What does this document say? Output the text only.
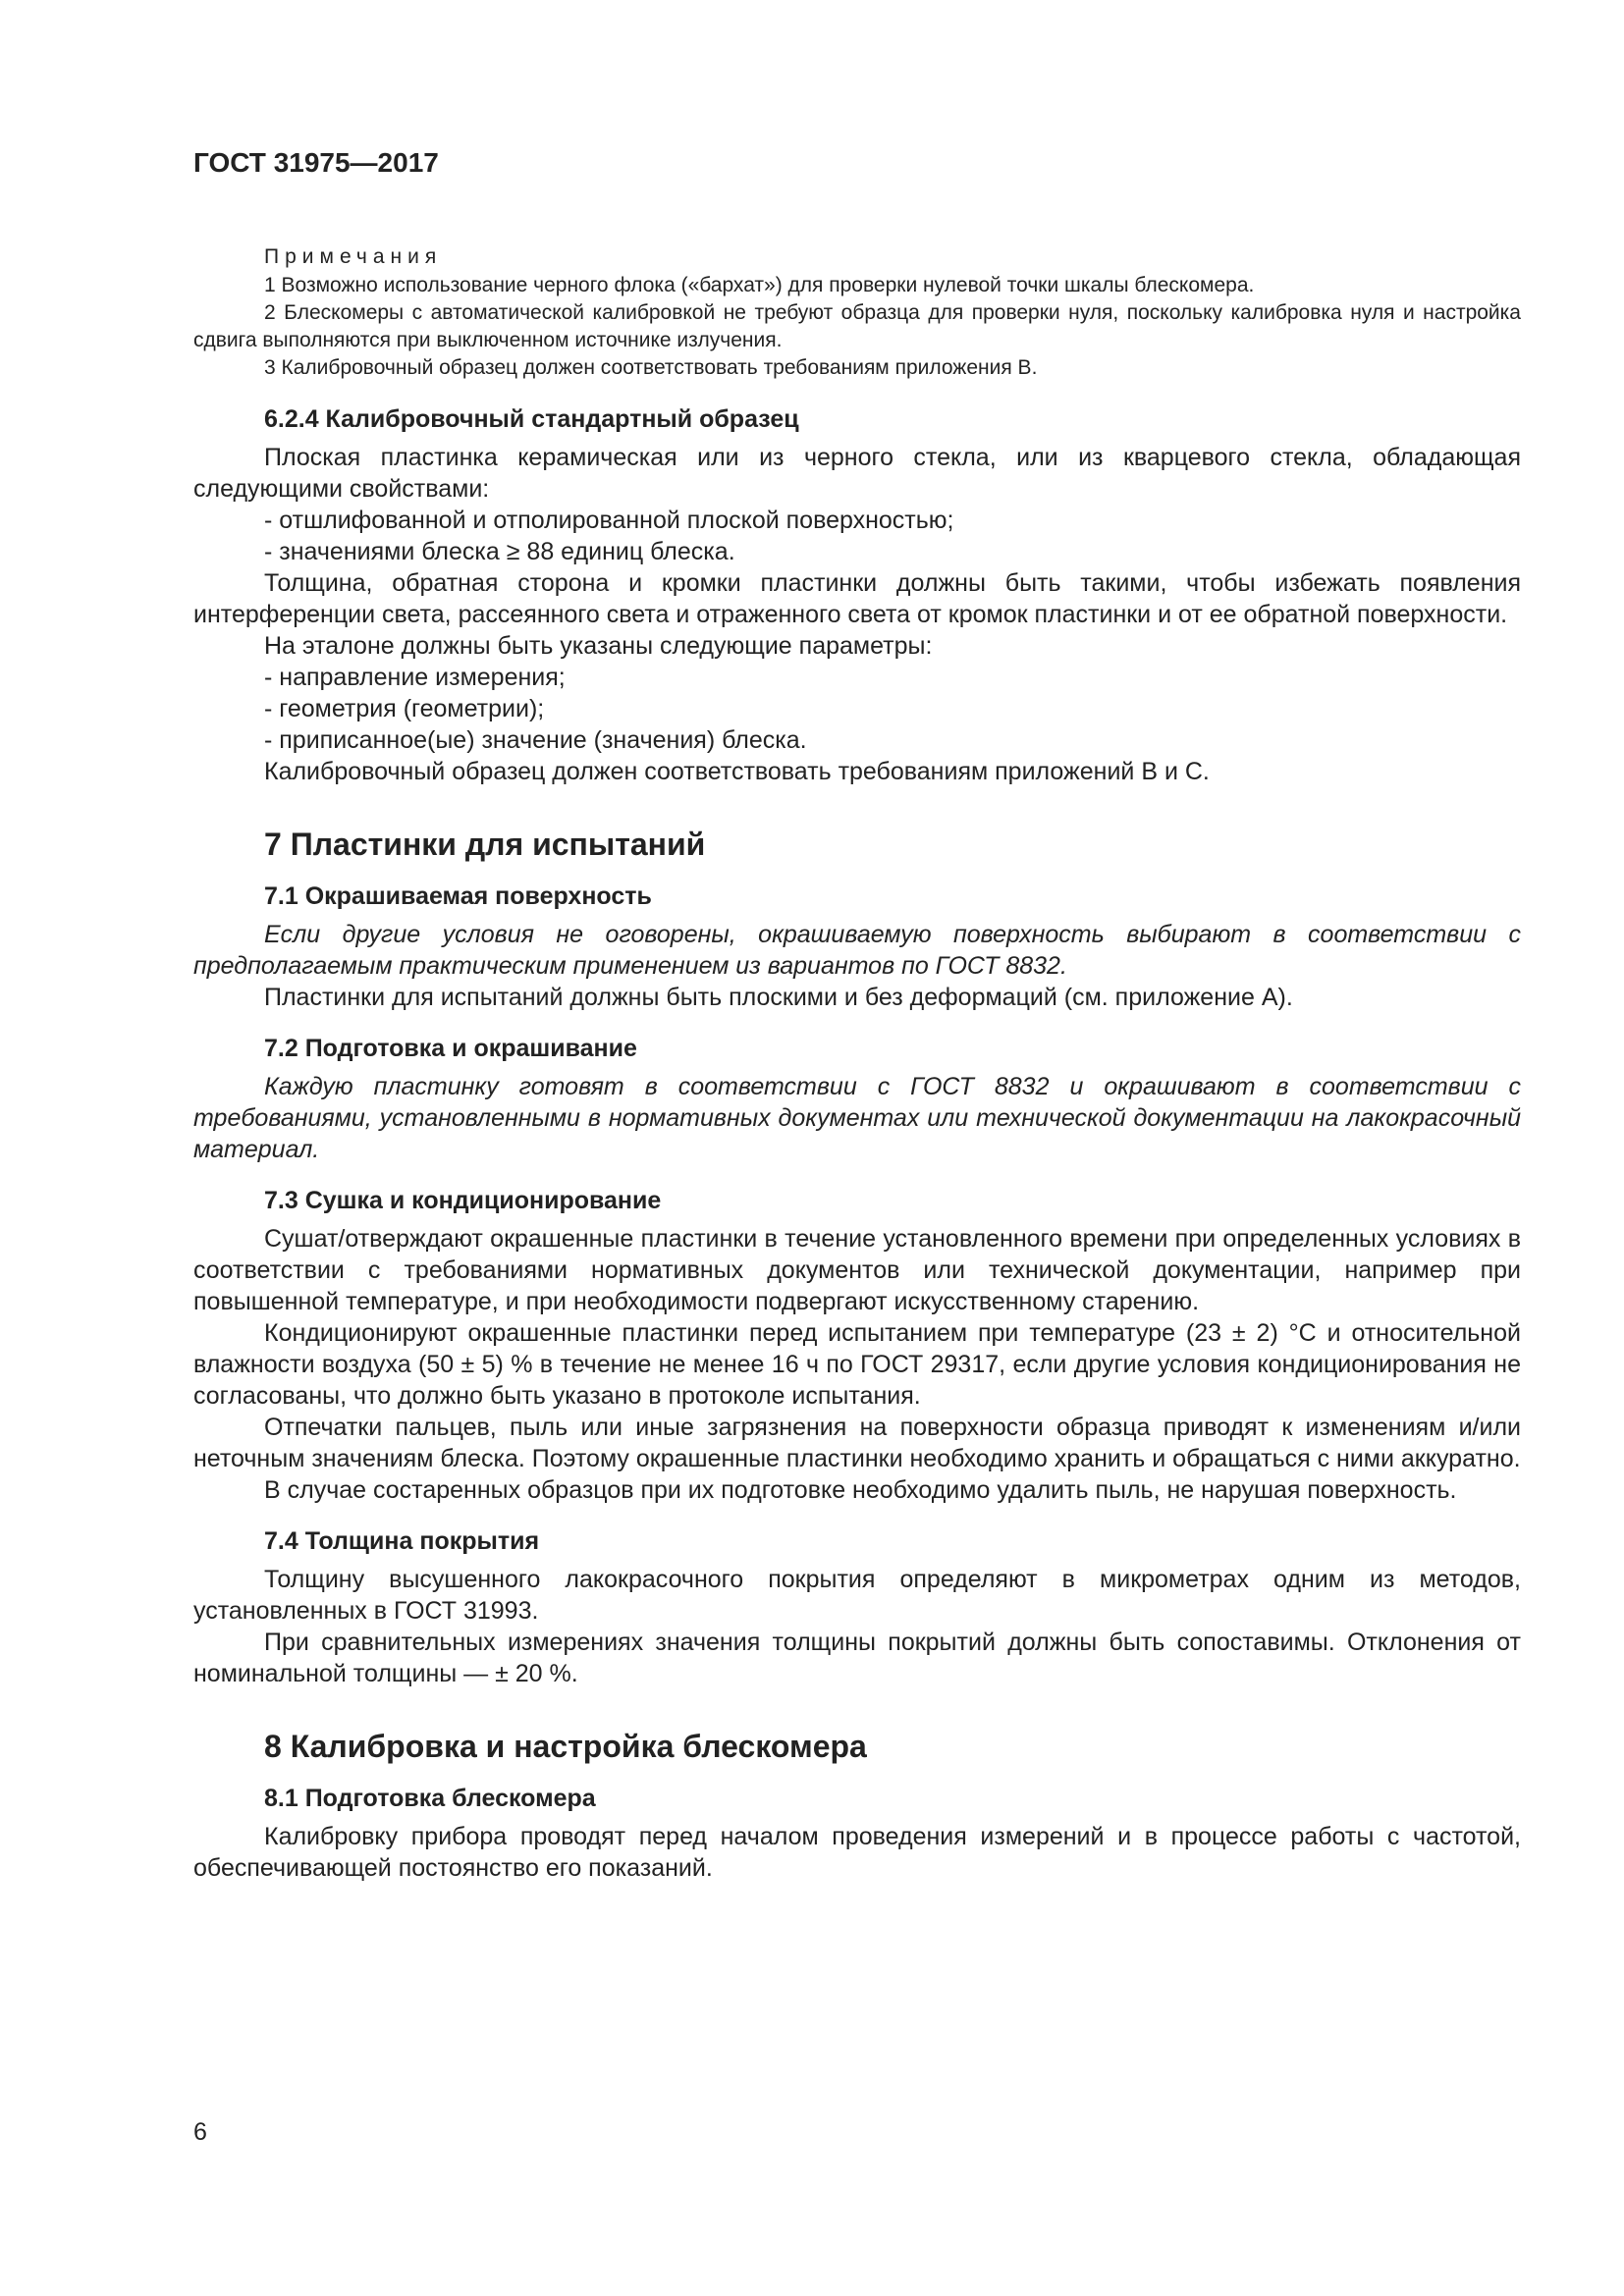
ГОСТ 31975—2017
Примечания

1 Возможно использование черного флока («бархат») для проверки нулевой точки шкалы блескомера.

2 Блескомеры с автоматической калибровкой не требуют образца для проверки нуля, поскольку калибровка нуля и настройка сдвига выполняются при выключенном источнике излучения.

3 Калибровочный образец должен соответствовать требованиям приложения В.

6.2.4 Калибровочный стандартный образец

Плоская пластинка керамическая или из черного стекла, или из кварцевого стекла, обладающая следующими свойствами:

- отшлифованной и отполированной плоской поверхностью;

- значениями блеска ≥ 88 единиц блеска.

Толщина, обратная сторона и кромки пластинки должны быть такими, чтобы избежать появления интерференции света, рассеянного света и отраженного света от кромок пластинки и от ее обратной поверхности.

На эталоне должны быть указаны следующие параметры:

- направление измерения;

- геометрия (геометрии);

- приписанное(ые) значение (значения) блеска.

Калибровочный образец должен соответствовать требованиям приложений В и С.

7 Пластинки для испытаний
7.1 Окрашиваемая поверхность

Если другие условия не оговорены, окрашиваемую поверхность выбирают в соответствии с предполагаемым практическим применением из вариантов по ГОСТ 8832.

Пластинки для испытаний должны быть плоскими и без деформаций (см. приложение А).

7.2 Подготовка и окрашивание

Каждую пластинку готовят в соответствии с ГОСТ 8832 и окрашивают в соответствии с требованиями, установленными в нормативных документах или технической документации на лакокрасочный материал.

7.3 Сушка и кондиционирование

Сушат/отверждают окрашенные пластинки в течение установленного времени при определенных условиях в соответствии с требованиями нормативных документов или технической документации, например при повышенной температуре, и при необходимости подвергают искусственному старению.

Кондиционируют окрашенные пластинки перед испытанием при температуре (23 ± 2) °С и относительной влажности воздуха (50 ± 5) % в течение не менее 16 ч по ГОСТ 29317, если другие условия кондиционирования не согласованы, что должно быть указано в протоколе испытания.

Отпечатки пальцев, пыль или иные загрязнения на поверхности образца приводят к изменениям и/или неточным значениям блеска. Поэтому окрашенные пластинки необходимо хранить и обращаться с ними аккуратно.

В случае состаренных образцов при их подготовке необходимо удалить пыль, не нарушая поверхность.

7.4 Толщина покрытия

Толщину высушенного лакокрасочного покрытия определяют в микрометрах одним из методов, установленных в ГОСТ 31993.

При сравнительных измерениях значения толщины покрытий должны быть сопоставимы. Отклонения от номинальной толщины — ± 20 %.

8 Калибровка и настройка блескомера
8.1 Подготовка блескомера

Калибровку прибора проводят перед началом проведения измерений и в процессе работы с частотой, обеспечивающей постоянство его показаний.

6
